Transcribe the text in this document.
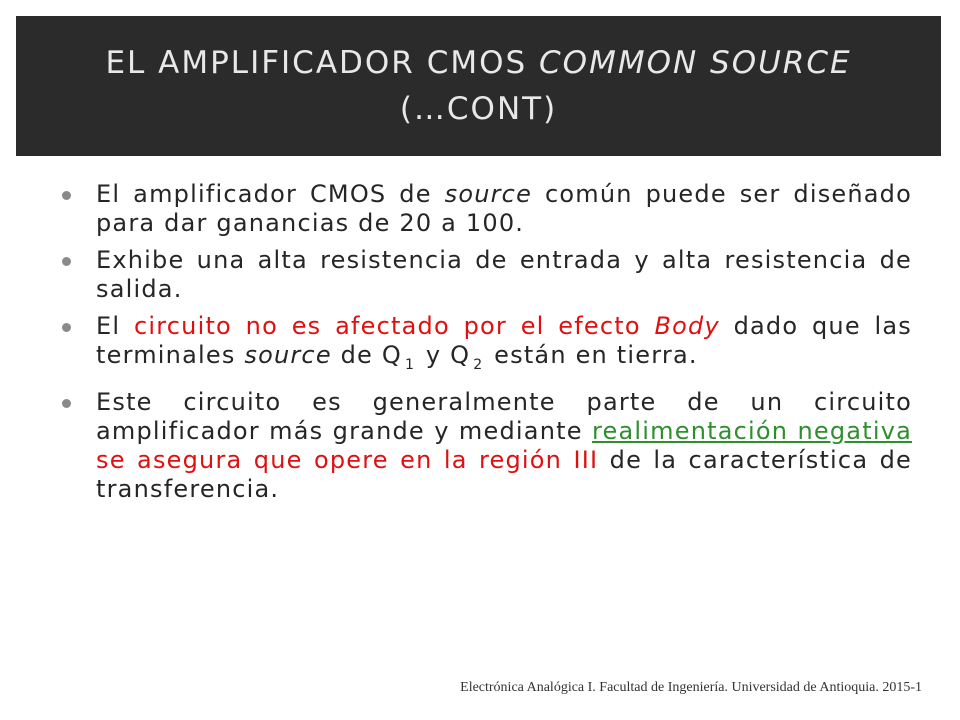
EL AMPLIFICADOR CMOS COMMON SOURCE
(…CONT)
El amplificador CMOS de source común puede ser diseñado para dar ganancias de 20 a 100.
Exhibe una alta resistencia de entrada y alta resistencia de salida.
El circuito no es afectado por el efecto Body dado que las terminales source de Q $_1$ y Q $_2$ están en tierra.
Este circuito es generalmente parte de un circuito amplificador más grande y mediante realimentación negativa se asegura que opere en la región III de la característica de transferencia.
Electrónica Analógica I. Facultad de Ingeniería. Universidad de Antioquia. 2015-1
